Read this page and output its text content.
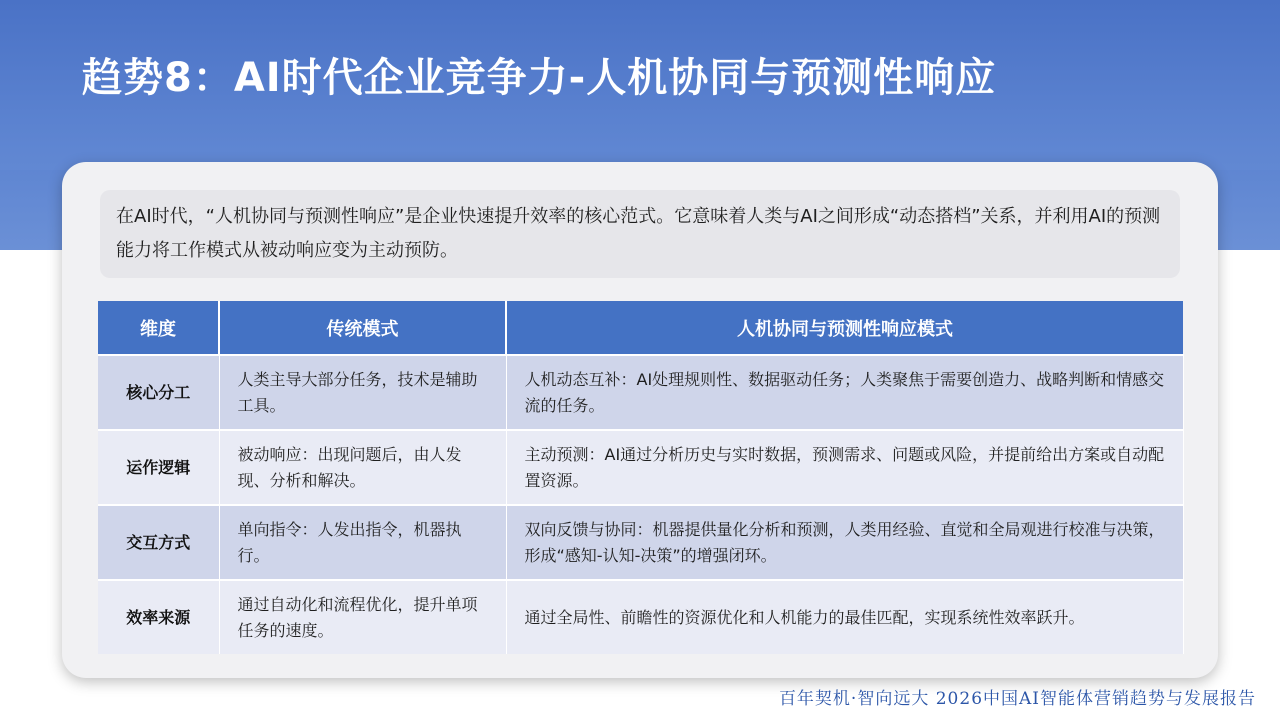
趋势8：AI时代企业竞争力-人机协同与预测性响应

在AI时代，“人机协同与预测性响应”是企业快速提升效率的核心范式。它意味着人类与AI之间形成“动态搭档”关系，并利用AI的预测能力将工作模式从被动响应变为主动预防。

维度	传统模式	人机协同与预测性响应模式
核心分工	人类主导大部分任务，技术是辅助工具。	人机动态互补：AI处理规则性、数据驱动任务；人类聚焦于需要创造力、战略判断和情感交流的任务。
运作逻辑	被动响应：出现问题后，由人发现、分析和解决。	主动预测：AI通过分析历史与实时数据，预测需求、问题或风险，并提前给出方案或自动配置资源。
交互方式	单向指令：人发出指令，机器执行。	双向反馈与协同：机器提供量化分析和预测，人类用经验、直觉和全局观进行校准与决策，形成“感知-认知-决策”的增强闭环。
效率来源	通过自动化和流程优化，提升单项任务的速度。	通过全局性、前瞻性的资源优化和人机能力的最佳匹配，实现系统性效率跃升。
百年契机·智向远大 2026中国AI智能体营销趋势与发展报告
